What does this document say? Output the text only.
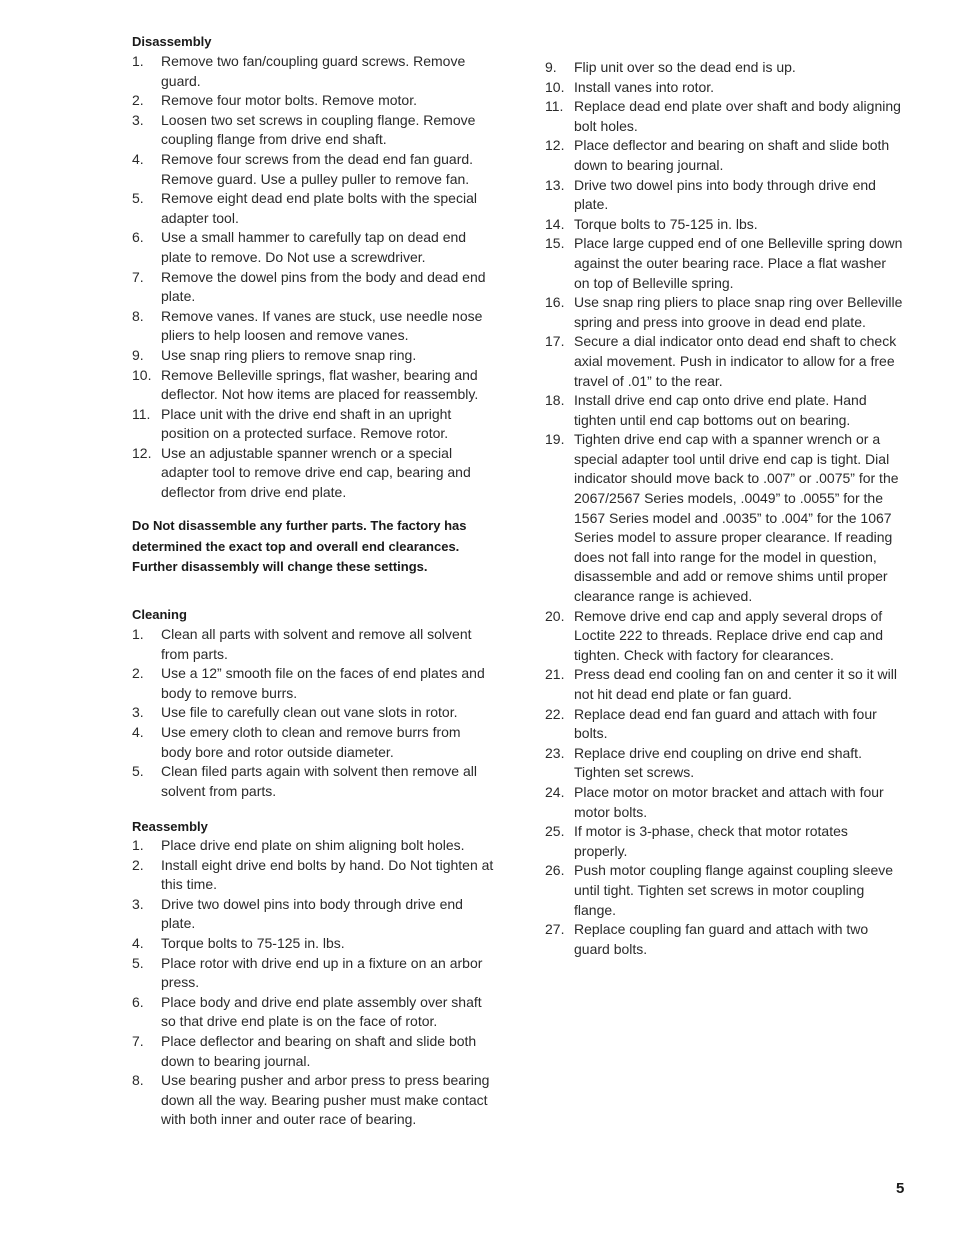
Disassembly
1. Remove two fan/coupling guard screws. Remove guard.
2. Remove four motor bolts. Remove motor.
3. Loosen two set screws in coupling flange. Remove coupling flange from drive end shaft.
4. Remove four screws from the dead end fan guard. Remove guard. Use a pulley puller to remove fan.
5. Remove eight dead end plate bolts with the special adapter tool.
6. Use a small hammer to carefully tap on dead end plate to remove. Do Not use a screwdriver.
7. Remove the dowel pins from the body and dead end plate.
8. Remove vanes. If vanes are stuck, use needle nose pliers to help loosen and remove vanes.
9. Use snap ring pliers to remove snap ring.
10. Remove Belleville springs, flat washer, bearing and deflector. Not how items are placed for reassembly.
11. Place unit with the drive end shaft in an upright position on a protected surface. Remove rotor.
12. Use an adjustable spanner wrench or a special adapter tool to remove drive end cap, bearing and deflector from drive end plate.
Do Not disassemble any further parts. The factory has determined the exact top and overall end clearances. Further disassembly will change these settings.
Cleaning
1. Clean all parts with solvent and remove all solvent from parts.
2. Use a 12” smooth file on the faces of end plates and body to remove burrs.
3. Use file to carefully clean out vane slots in rotor.
4. Use emery cloth to clean and remove burrs from body bore and rotor outside diameter.
5. Clean filed parts again with solvent then remove all solvent from parts.
Reassembly
1. Place drive end plate on shim aligning bolt holes.
2. Install eight drive end bolts by hand. Do Not tighten at this time.
3. Drive two dowel pins into body through drive end plate.
4. Torque bolts to 75-125 in. lbs.
5. Place rotor with drive end up in a fixture on an arbor press.
6. Place body and drive end plate assembly over shaft so that drive end plate is on the face of rotor.
7. Place deflector and bearing on shaft and slide both down to bearing journal.
8. Use bearing pusher and arbor press to press bearing down all the way. Bearing pusher must make contact with both inner and outer race of bearing.
9. Flip unit over so the dead end is up.
10. Install vanes into rotor.
11. Replace dead end plate over shaft and body aligning bolt holes.
12. Place deflector and bearing on shaft and slide both down to bearing journal.
13. Drive two dowel pins into body through drive end plate.
14. Torque bolts to 75-125 in. lbs.
15. Place large cupped end of one Belleville spring down against the outer bearing race. Place a flat washer on top of Belleville spring.
16. Use snap ring pliers to place snap ring over Belleville spring and press into groove in dead end plate.
17. Secure a dial indicator onto dead end shaft to check axial movement. Push in indicator to allow for a free travel of .01” to the rear.
18. Install drive end cap onto drive end plate. Hand tighten until end cap bottoms out on bearing.
19. Tighten drive end cap with a spanner wrench or a special adapter tool until drive end cap is tight. Dial indicator should move back to .007” or .0075” for the 2067/2567 Series models, .0049” to .0055” for the 1567 Series model and .0035” to .004” for the 1067 Series model to assure proper clearance. If reading does not fall into range for the model in question, disassemble and add or remove shims until proper clearance range is achieved.
20. Remove drive end cap and apply several drops of Loctite 222 to threads. Replace drive end cap and tighten. Check with factory for clearances.
21. Press dead end cooling fan on and center it so it will not hit dead end plate or fan guard.
22. Replace dead end fan guard and attach with four bolts.
23. Replace drive end coupling on drive end shaft. Tighten set screws.
24. Place motor on motor bracket and attach with four motor bolts.
25. If motor is 3-phase, check that motor rotates properly.
26. Push motor coupling flange against coupling sleeve until tight. Tighten set screws in motor coupling flange.
27. Replace coupling fan guard and attach with two guard bolts.
5
